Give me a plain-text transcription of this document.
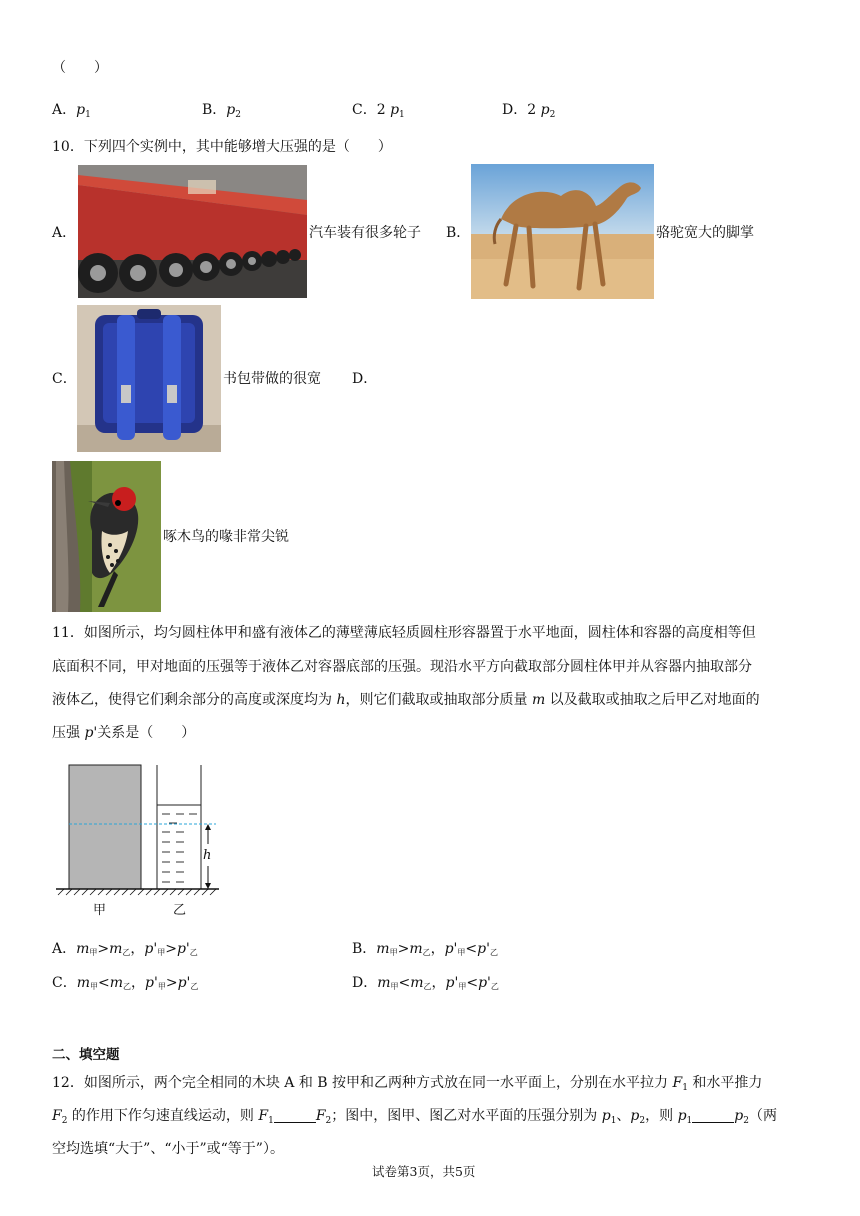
（　　）
A．$p_1$	B．$p_2$	C．2 $p_1$	D．2 $p_2$
10．下列四个实例中，其中能够增大压强的是（　　）
A．	汽车装有很多轮子 B．	骆驼宽大的脚掌
C．	书包带做的很宽 D．
啄木鸟的喙非常尖锐
11．如图所示，均匀圆柱体甲和盛有液体乙的薄壁薄底轻质圆柱形容器置于水平地面，圆柱体和容器的高度相等但
底面积不同，甲对地面的压强等于液体乙对容器底部的压强。现沿水平方向截取部分圆柱体甲并从容器内抽取部分
液体乙，使得它们剩余部分的高度或深度均为 h，则它们截取或抽取部分质量 m 以及截取或抽取之后甲乙对地面的
压强 p'关系是（　　）
h
甲	乙
A．m甲>m乙，p'甲>p'乙	B．m甲>m乙，p'甲<p'乙
C．m甲<m乙，p'甲>p'乙	D．m甲<m乙，p'甲<p'乙
二、填空题
12．如图所示，两个完全相同的木块 A 和 B 按甲和乙两种方式放在同一水平面上，分别在水平拉力 $F_1$ 和水平推力
$F_2$ 的作用下作匀速直线运动，则 $F_1$	$F_2$；图中，图甲、图乙对水平面的压强分别为 $p_1$、$p_2$，则 $p_1$	$p_2$（两
空均选填“大于”、“小于”或“等于”）。
试卷第3页，共5页
